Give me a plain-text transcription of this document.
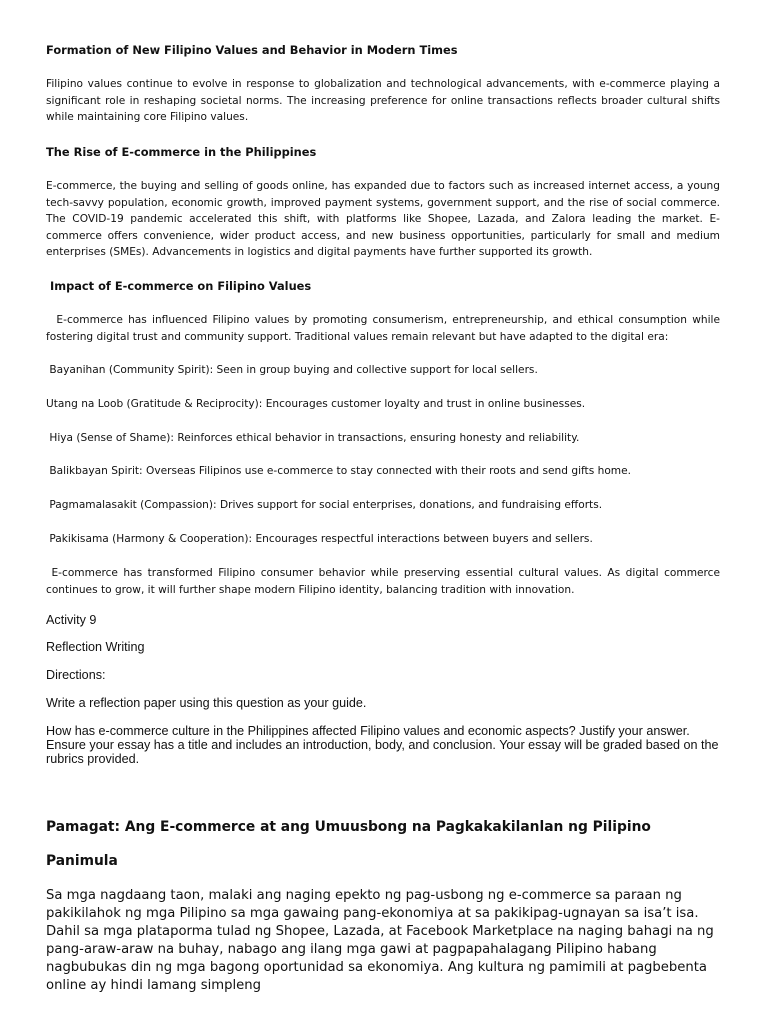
Formation of New Filipino Values and Behavior in Modern Times

Filipino values continue to evolve in response to globalization and technological advancements, with e-commerce playing a significant role in reshaping societal norms. The increasing preference for online transactions reflects broader cultural shifts while maintaining core Filipino values.

The Rise of E-commerce in the Philippines

E-commerce, the buying and selling of goods online, has expanded due to factors such as increased internet access, a young tech-savvy population, economic growth, improved payment systems, government support, and the rise of social commerce. The COVID-19 pandemic accelerated this shift, with platforms like Shopee, Lazada, and Zalora leading the market. E-commerce offers convenience, wider product access, and new business opportunities, particularly for small and medium enterprises (SMEs). Advancements in logistics and digital payments have further supported its growth.

Impact of E-commerce on Filipino Values

E-commerce has influenced Filipino values by promoting consumerism, entrepreneurship, and ethical consumption while fostering digital trust and community support. Traditional values remain relevant but have adapted to the digital era:

Bayanihan (Community Spirit): Seen in group buying and collective support for local sellers.

Utang na Loob (Gratitude & Reciprocity): Encourages customer loyalty and trust in online businesses.

Hiya (Sense of Shame): Reinforces ethical behavior in transactions, ensuring honesty and reliability.

Balikbayan Spirit: Overseas Filipinos use e-commerce to stay connected with their roots and send gifts home.

Pagmamalasakit (Compassion): Drives support for social enterprises, donations, and fundraising efforts.

Pakikisama (Harmony & Cooperation): Encourages respectful interactions between buyers and sellers.

E-commerce has transformed Filipino consumer behavior while preserving essential cultural values. As digital commerce continues to grow, it will further shape modern Filipino identity, balancing tradition with innovation.

Activity 9

Reflection Writing

Directions:

Write a reflection paper using this question as your guide.

How has e-commerce culture in the Philippines affected Filipino values and economic aspects? Justify your answer. Ensure your essay has a title and includes an introduction, body, and conclusion. Your essay will be graded based on the rubrics provided.

Pamagat: Ang E-commerce at ang Umuusbong na Pagkakakilanlan ng Pilipino
Panimula

Sa mga nagdaang taon, malaki ang naging epekto ng pag-usbong ng e-commerce sa paraan ng pakikilahok ng mga Pilipino sa mga gawaing pang-ekonomiya at sa pakikipag-ugnayan sa isa’t isa. Dahil sa mga plataporma tulad ng Shopee, Lazada, at Facebook Marketplace na naging bahagi na ng pang-araw-araw na buhay, nabago ang ilang mga gawi at pagpapahalagang Pilipino habang nagbubukas din ng mga bagong oportunidad sa ekonomiya. Ang kultura ng pamimili at pagbebenta online ay hindi lamang simpleng
